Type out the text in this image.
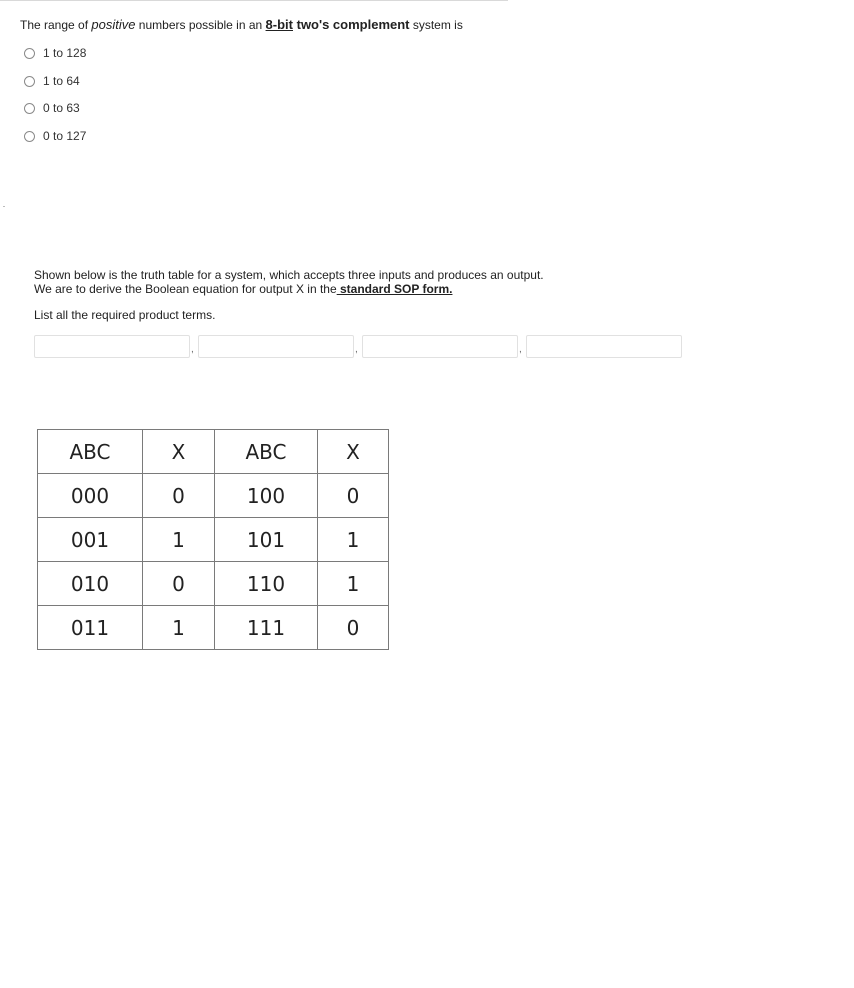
The range of positive numbers possible in an 8-bit two's complement system is
1 to 128
1 to 64
0 to 63
0 to 127
Shown below is the truth table for a system, which accepts three inputs and produces an output.
We are to derive the Boolean equation for output X in the standard SOP form.
List all the required product terms.
,	,	,
ABC	X	ABC	X
000	0	100	0
001	1	101	1
010	0	110	1
011	1	111	0
